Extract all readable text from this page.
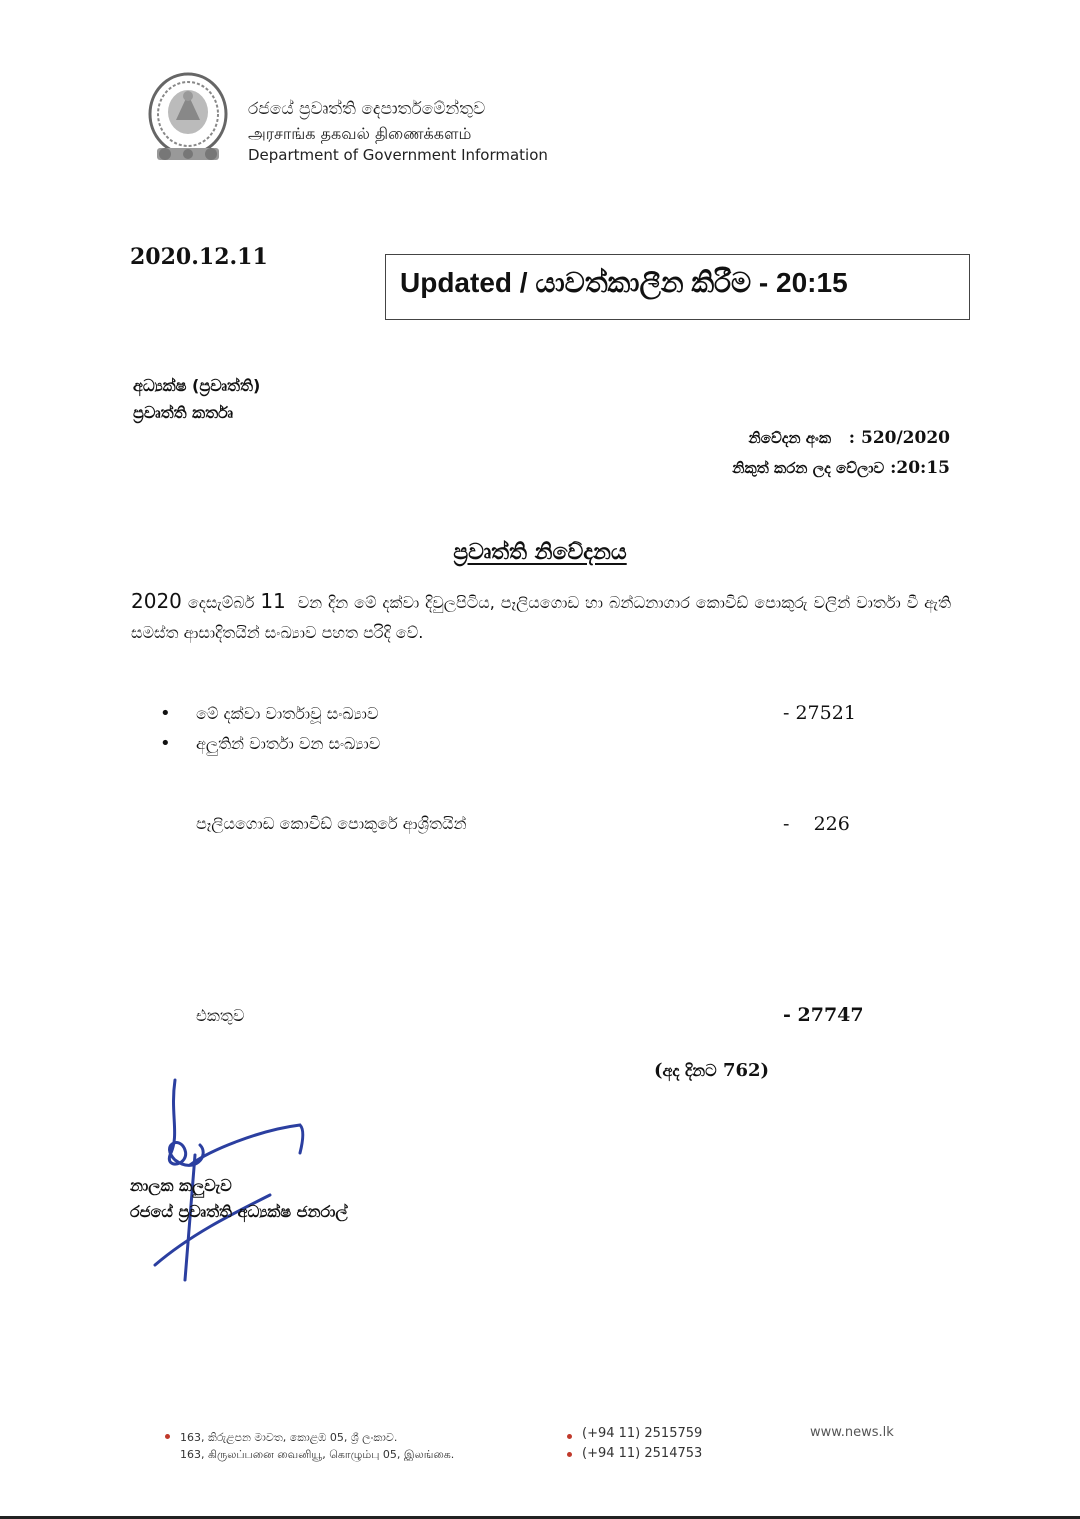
රජයේ ප්‍රවෘත්ති දෙපාර්තමේන්තුව
அரசாங்க தகவல் திணைக்களம்
Department of Government Information
2020.12.11
Updated / යාවත්කාලීන කිරීම - 20:15
අධ්‍යක්ෂ (ප්‍රවෘත්ති)
ප්‍රවෘත්ති කර්තෘ
නිවේදන අංක : 520/2020
නිකුත් කරන ලද වේලාව :20:15
ප්‍රවෘත්ති නිවේදනය
2020 දෙසැම්බර් 11 වන දින මේ දක්වා දිවුලපිටිය, පෑලියගොඩ හා බන්ධනාගාර කොවිඩ් පොකුරු වලින් වාර්තා වී ඇති සමස්ත ආසාදිතයින් සංඛ්‍යාව පහත පරිදි වේ.
• මේ දක්වා වාර්තාවූ සංඛ්‍යාව	- 27521
• අලුතින් වාර්තා වන සංඛ්‍යාව
පෑලියගොඩ කොවිඩ් පොකුරේ ආශ්‍රිතයින්	-    226
එකතුව	- 27747
(අද දිනට 762)
නාලක කලුවැව
රජයේ ප්‍රවෘත්ති අධ්‍යක්ෂ ජනරාල්
163, කිරුළපන මාවත, කොළඹ 05, ශ්‍රී ලංකාව.
163, கிருலப்பனை வைனியூ, கொழும்பு 05, இலங்கை.
(+94 11) 2515759
(+94 11) 2514753
www.news.lk
